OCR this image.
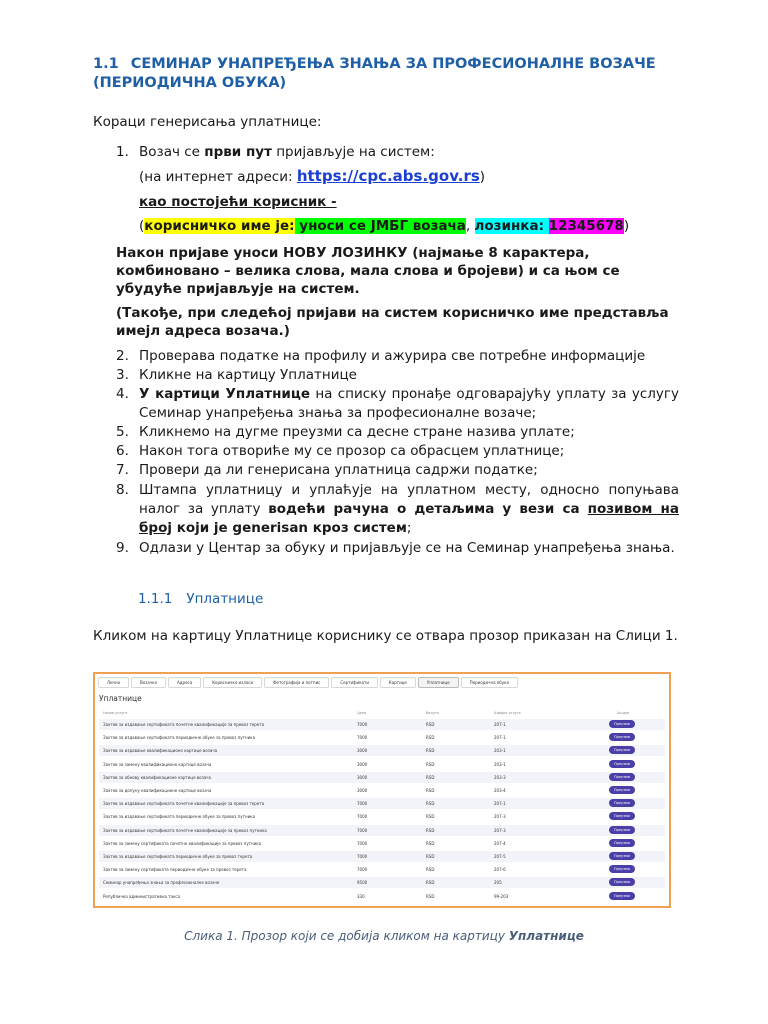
1.1 СЕМИНАР УНАПРЕЂЕЊА ЗНАЊА ЗА ПРОФЕСИОНАЛНЕ ВОЗАЧЕ
(ПЕРИОДИЧНА ОБУКА)
Кораци генерисања уплатнице:
1. Возач се први пут пријављује на систем:
(на интернет адреси: https://cpc.abs.gov.rs)
као постојећи корисник -
(корисничко име је: уноси се ЈМБГ возача, лозинка: 12345678)
Након пријаве уноси НОВУ ЛОЗИНКУ (најмање 8 карактера, комбиновано – велика слова, мала слова и бројеви) и са њом се убудуће пријављује на систем.
(Такође, при следећој пријави на систем корисничко име представља имејл адреса возача.)
2. Проверава податке на профилу и ажурира све потребне информације
3. Кликне на картицу Уплатнице
4. У картици Уплатнице на списку пронађе одговарајућу уплату за услугу Семинар унапређења знања за професионалне возаче;
5. Кликнемо на дугме преузми са десне стране назива уплате;
6. Након тога отвориће му се прозор са обрасцем уплатнице;
7. Провери да ли генерисана уплатница садржи податке;
8. Штампа уплатницу и уплаћује на уплатном месту, односно попуњава налог за уплату водећи рачуна о детаљима у вези са позивом на број који је generisan кроз систем;
9. Одлази у Центар за обуку и пријављује се на Семинар унапређења знања.
1.1.1 Уплатнице
Кликом на картицу Уплатнице кориснику се отвара прозор приказан на Слици 1.
Лично	Возачко	Адреса	Корисничко излоси	Фотографија и потпис	Сертификати	Картице	Уплатнице	Периодична обука
Уплатнице
Назив услуге	Цена	Валута	Шифра услуге	Акције
Захтев за издавање сертификата почетне квалификације за превоз терета	7000	RSD	207-1	Преузми
Захтев за издавање сертификата периодичне обуке за превоз путника	7000	RSD	207-1	Преузми
Захтев за издавање квалификационе картице возача	3000	RSD	203-1	Преузми
Захтев за замену квалификационе картице возача	3000	RSD	203-1	Преузми
Захтев за обнову квалификационе картице возача	3000	RSD	203-3	Преузми
Захтев за допуну квалификационе картице возача	3000	RSD	203-4	Преузми
Захтев за издавање сертификата почетне квалификације за превоз терета	7000	RSD	207-1	Преузми
Захтев за издавање сертификата периодичне обуке за превоз путника	7000	RSD	207-3	Преузми
Захтев за издавање сертификата почетне квалификације за превоз путника	7000	RSD	207-3	Преузми
Захтев за замену сертификата почетне квалификације за превоз путника	7000	RSD	207-4	Преузми
Захтев за издавање сертификата периодичне обуке за превоз терета	7000	RSD	207-5	Преузми
Захтев за замену сертификата периодичне обуке за превоз терета	7000	RSD	207-6	Преузми
Семинар унапређења знања за професионалне возаче	9500	RSD	205	Преузми
Републичка административна такса	330	RSD	99-203	Преузми
Слика 1. Прозор који се добија кликом на картицу Уплатнице
